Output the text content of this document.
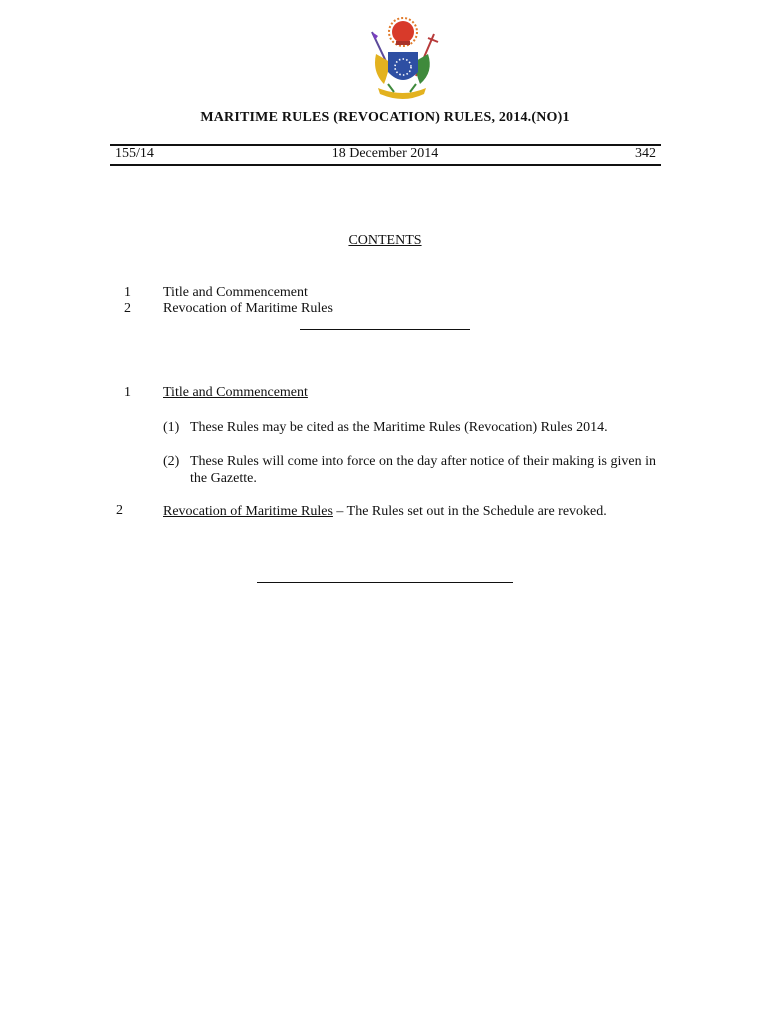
MARITIME RULES (REVOCATION) RULES, 2014.(NO)1
155/14	18 December 2014	342
CONTENTS
1 Title and Commencement
2 Revocation of Maritime Rules
1 Title and Commencement
(1) These Rules may be cited as the Maritime Rules (Revocation) Rules 2014.
(2) These Rules will come into force on the day after notice of their making is given in the Gazette.
2	Revocation of Maritime Rules – The Rules set out in the Schedule are revoked.
